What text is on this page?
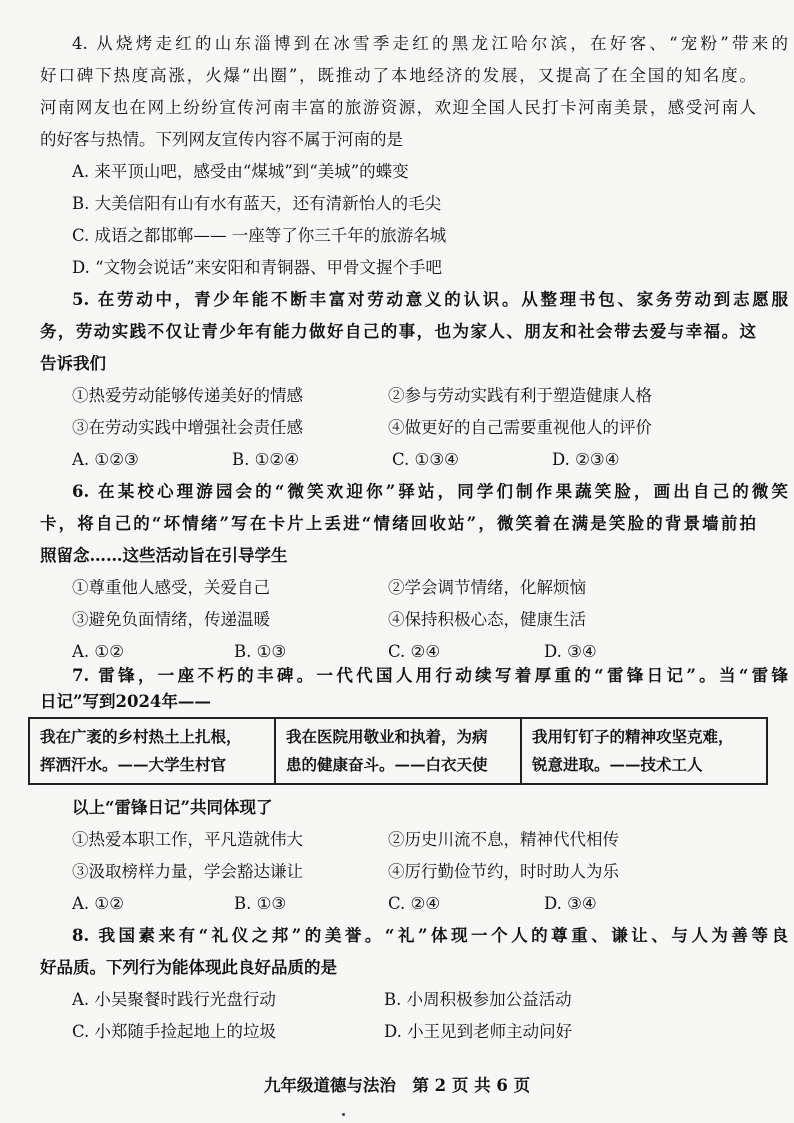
4. 从烧烤走红的山东淄博到在冰雪季走红的黑龙江哈尔滨，在好客、“宠粉”带来的
好口碑下热度高涨，火爆“出圈”，既推动了本地经济的发展，又提高了在全国的知名度。
河南网友也在网上纷纷宣传河南丰富的旅游资源，欢迎全国人民打卡河南美景，感受河南人
的好客与热情。下列网友宣传内容不属于河南的是
A. 来平顶山吧，感受由“煤城”到“美城”的蝶变
B. 大美信阳有山有水有蓝天，还有清新怡人的毛尖
C. 成语之都邯郸—— 一座等了你三千年的旅游名城
D. “文物会说话”来安阳和青铜器、甲骨文握个手吧
5. 在劳动中，青少年能不断丰富对劳动意义的认识。从整理书包、家务劳动到志愿服
务，劳动实践不仅让青少年有能力做好自己的事，也为家人、朋友和社会带去爱与幸福。这
告诉我们
①热爱劳动能够传递美好的情感	②参与劳动实践有利于塑造健康人格
③在劳动实践中增强社会责任感	④做更好的自己需要重视他人的评价
A. ①②③	B. ①②④	C. ①③④	D. ②③④
6. 在某校心理游园会的“微笑欢迎你”驿站，同学们制作果蔬笑脸，画出自己的微笑
卡，将自己的“坏情绪”写在卡片上丢进“情绪回收站”，微笑着在满是笑脸的背景墙前拍
照留念……这些活动旨在引导学生
①尊重他人感受，关爱自己	②学会调节情绪，化解烦恼
③避免负面情绪，传递温暖	④保持积极心态，健康生活
A. ①②	B. ①③	C. ②④	D. ③④
7. 雷锋，一座不朽的丰碑。一代代国人用行动续写着厚重的“雷锋日记”。当“雷锋
日记”写到2024年——
我在广袤的乡村热土上扎根，
挥洒汗水。——大学生村官

我在医院用敬业和执着，为病
患的健康奋斗。——白衣天使

我用钉钉子的精神攻坚克难，
锐意进取。——技术工人
以上“雷锋日记”共同体现了
①热爱本职工作，平凡造就伟大	②历史川流不息，精神代代相传
③汲取榜样力量，学会豁达谦让	④厉行勤俭节约，时时助人为乐
A. ①②	B. ①③	C. ②④	D. ③④
8. 我国素来有“礼仪之邦”的美誉。“礼”体现一个人的尊重、谦让、与人为善等良
好品质。下列行为能体现此良好品质的是
A. 小吴聚餐时践行光盘行动	B. 小周积极参加公益活动
C. 小郑随手捡起地上的垃圾	D. 小王见到老师主动问好
九年级道德与法治　第 2 页 共 6 页
